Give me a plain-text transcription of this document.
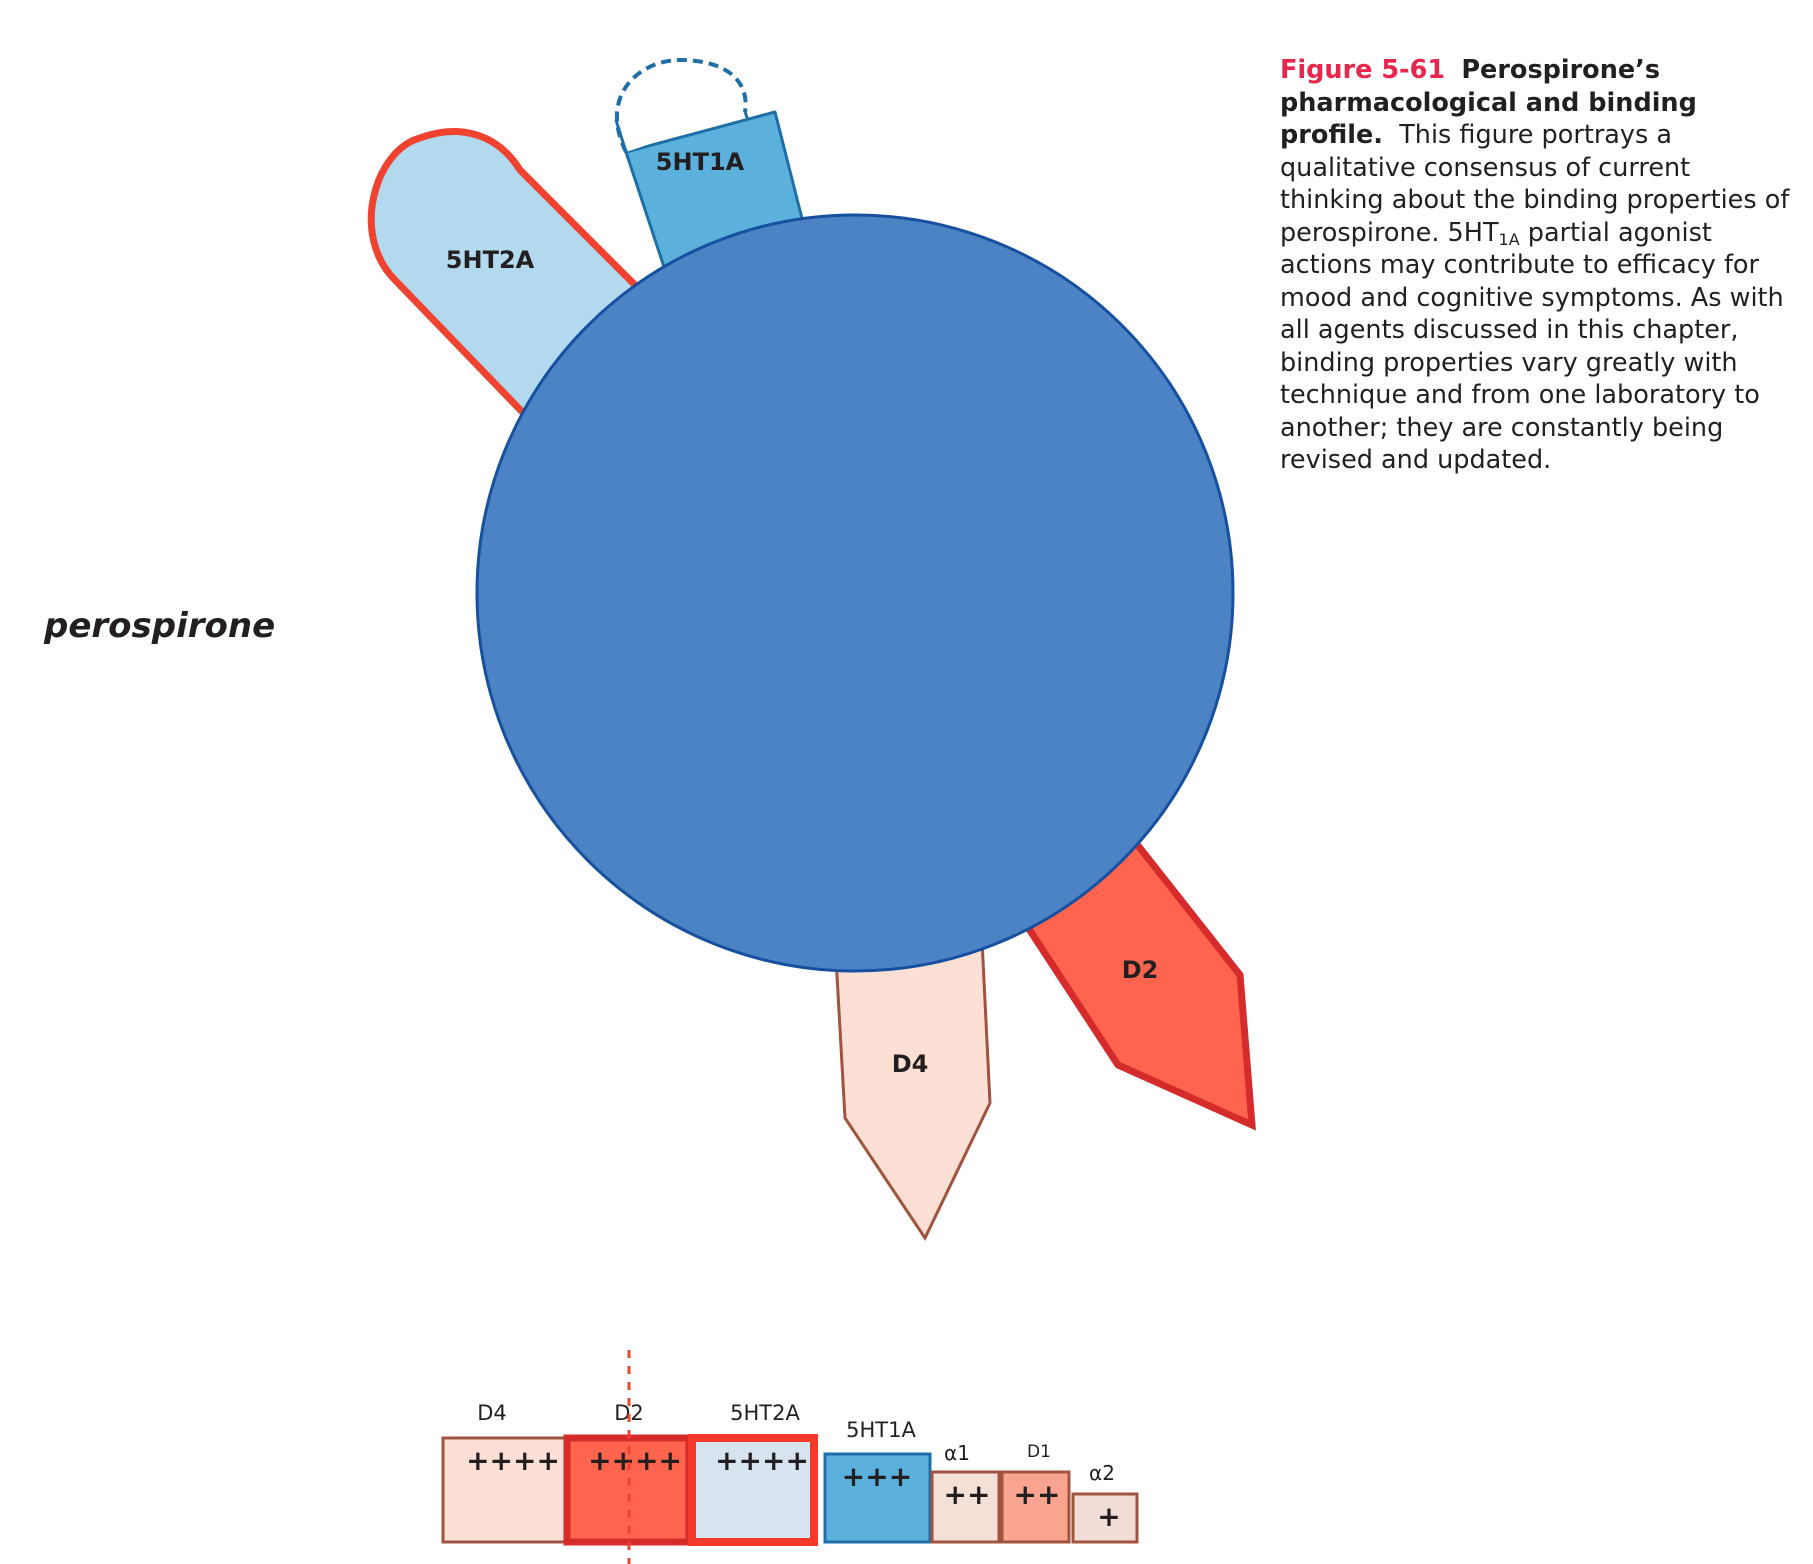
5HT2A
5HT1A
D2
D4
++++
D4
++++
D2
++++
5HT2A
+++
5HT1A
++
α1
++
D1
+
α2
perospirone
Figure 5-61 Perospirone’s pharmacological and binding profile. This figure portrays a qualitative consensus of current thinking about the binding properties of perospirone. $5HT_{1A}$ partial agonist actions may contribute to efficacy for mood and cognitive symptoms. As with all agents discussed in this chapter, binding properties vary greatly with technique and from one laboratory to another; they are constantly being revised and updated.
